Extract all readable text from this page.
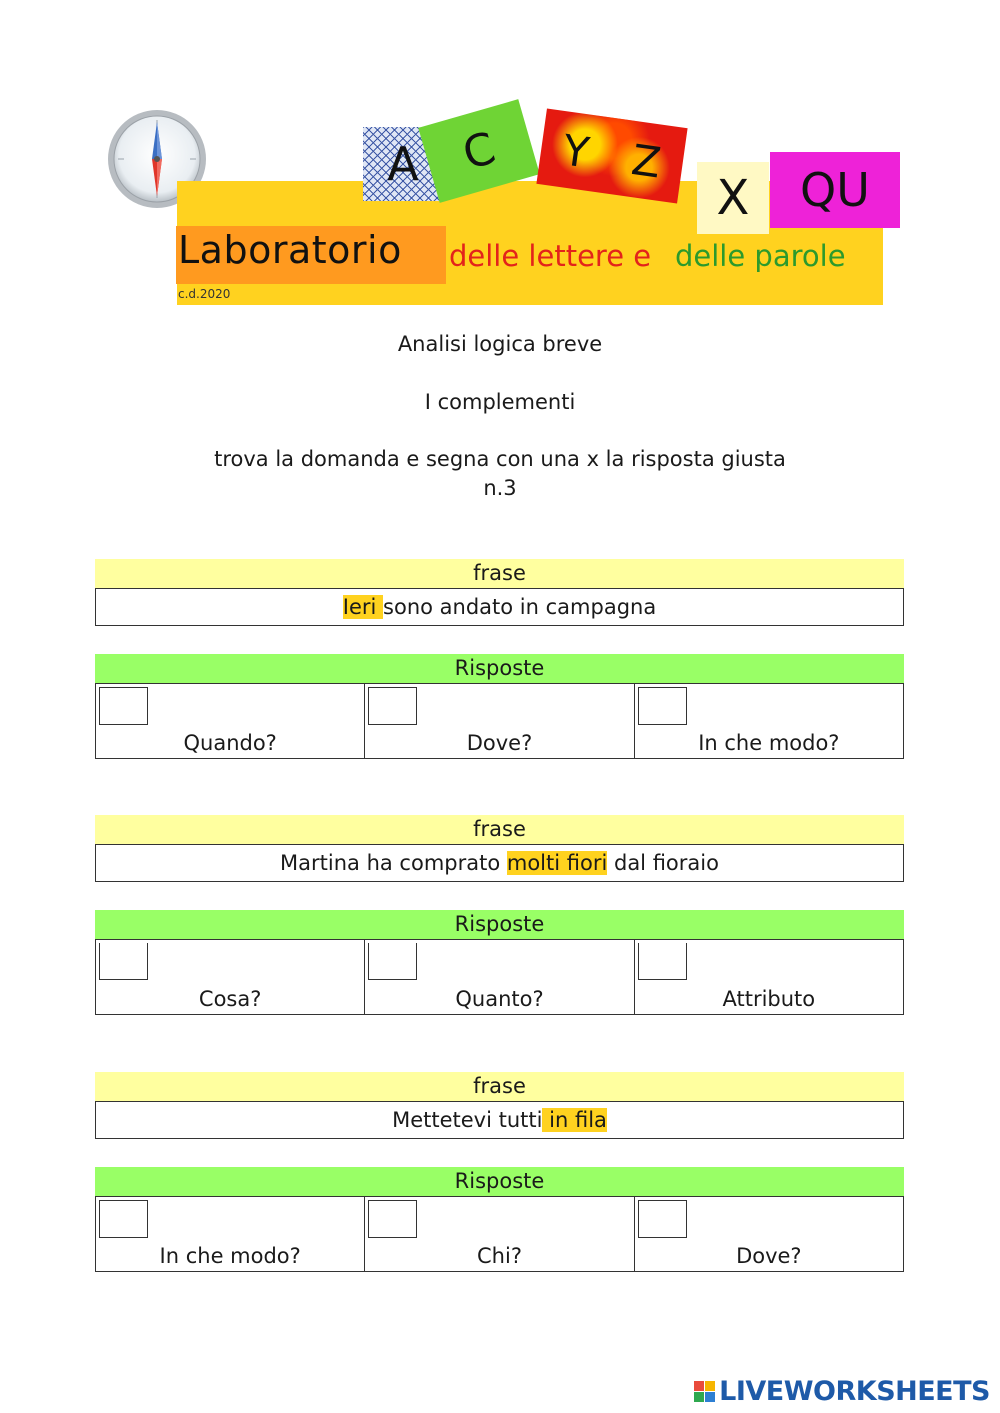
A C Y Z
X QU
Laboratorio delle lettere e delle parole
c.d.2020
Analisi logica breve
I complementi
trova la domanda e segna con una x la risposta giusta
n.3
frase
Ieri sono andato in campagna
Risposte
Quando?	Dove?	In che modo?
frase
Martina ha comprato molti fiori dal fioraio
Risposte
Cosa?	Quanto?	Attributo
frase
Mettetevi tutti in fila
Risposte
In che modo?	Chi?	Dove?
LIVEWORKSHEETS
